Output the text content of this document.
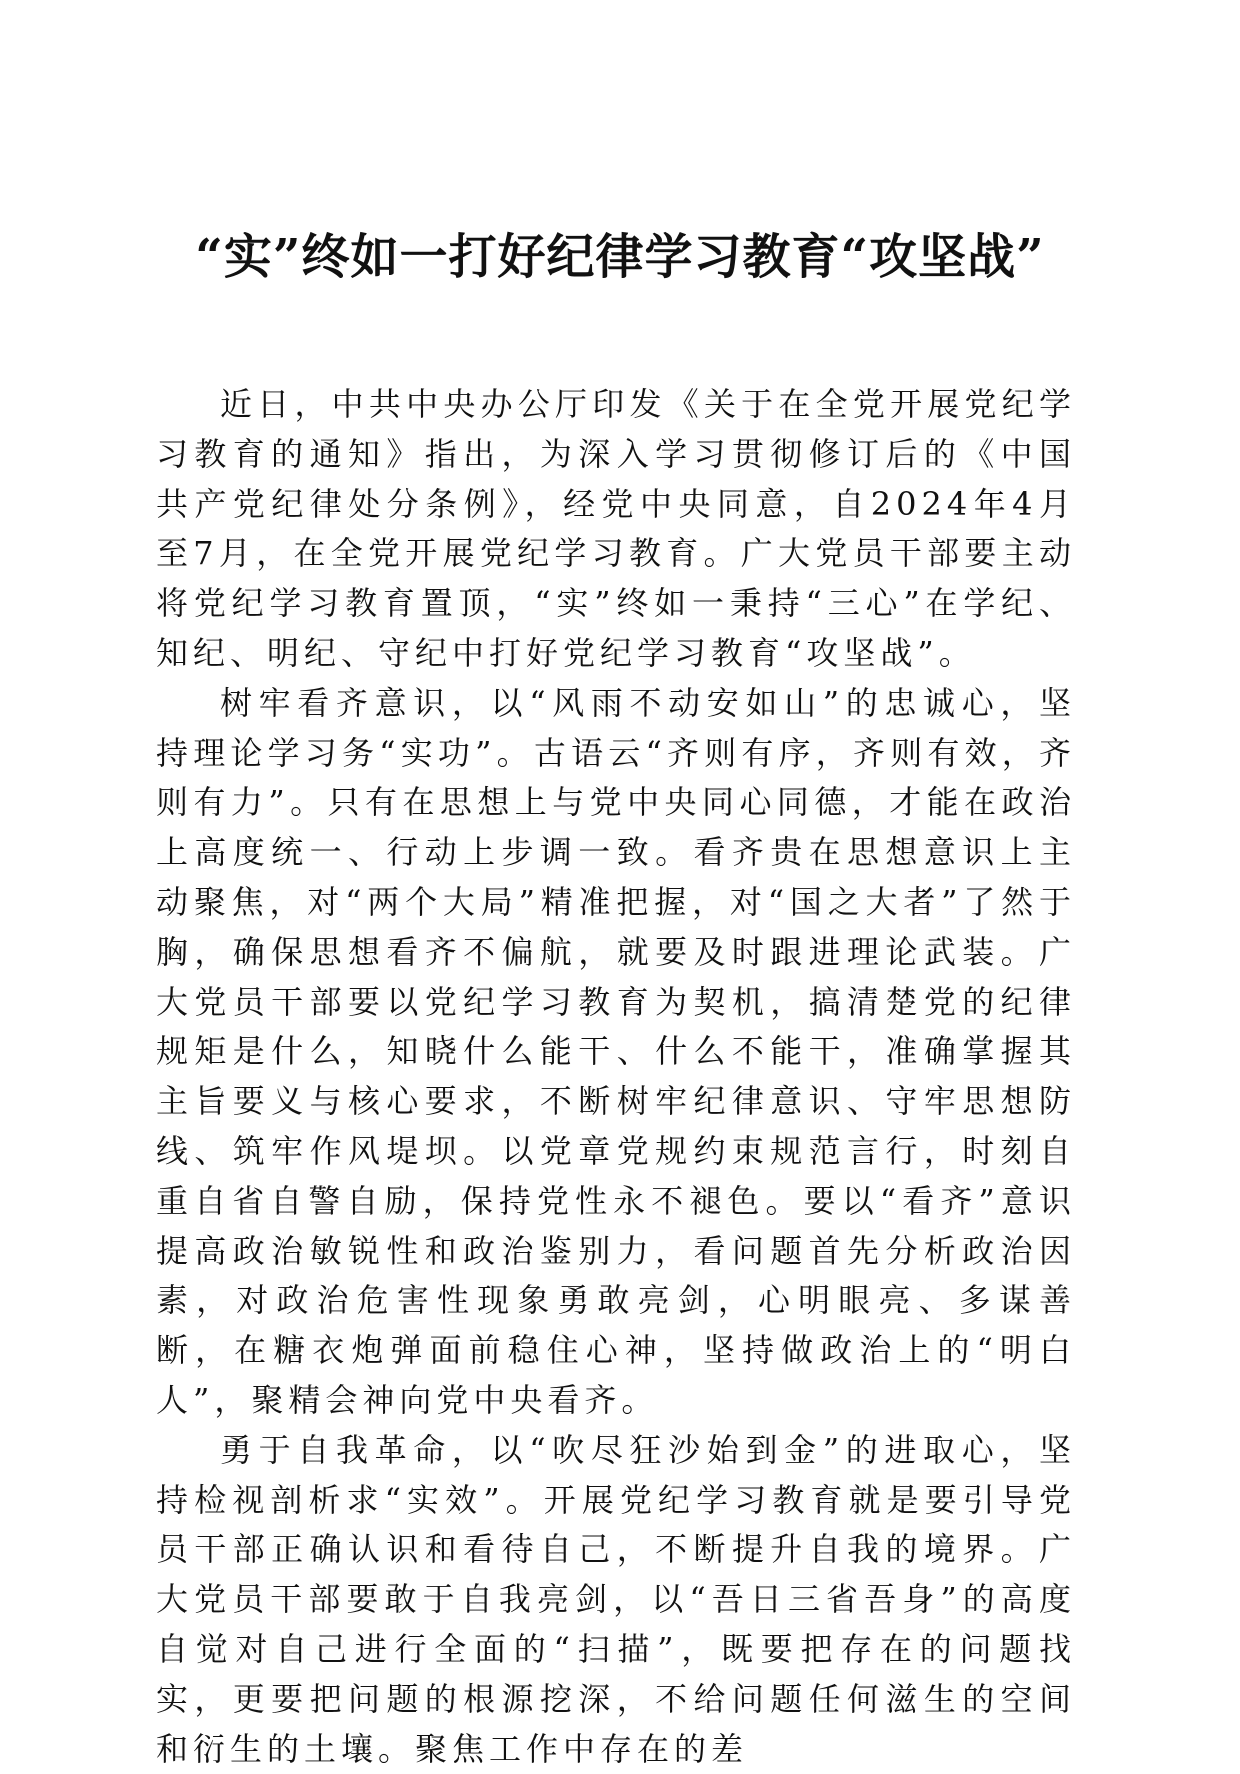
“实”终如一打好纪律学习教育“攻坚战”

近日，中共中央办公厅印发《关于在全党开展党纪学习教育的通知》指出，为深入学习贯彻修订后的《中国共产党纪律处分条例》，经党中央同意，自2024年4月至7月，在全党开展党纪学习教育。广大党员干部要主动将党纪学习教育置顶，“实”终如一秉持“三心”在学纪、知纪、明纪、守纪中打好党纪学习教育“攻坚战”。

树牢看齐意识，以“风雨不动安如山”的忠诚心，坚持理论学习务“实功”。古语云“齐则有序，齐则有效，齐则有力”。只有在思想上与党中央同心同德，才能在政治上高度统一、行动上步调一致。看齐贵在思想意识上主动聚焦，对“两个大局”精准把握，对“国之大者”了然于胸，确保思想看齐不偏航，就要及时跟进理论武装。广大党员干部要以党纪学习教育为契机，搞清楚党的纪律规矩是什么，知晓什么能干、什么不能干，准确掌握其主旨要义与核心要求，不断树牢纪律意识、守牢思想防线、筑牢作风堤坝。以党章党规约束规范言行，时刻自重自省自警自励，保持党性永不褪色。要以“看齐”意识提高政治敏锐性和政治鉴别力，看问题首先分析政治因素，对政治危害性现象勇敢亮剑，心明眼亮、多谋善断，在糖衣炮弹面前稳住心神，坚持做政治上的“明白人”，聚精会神向党中央看齐。

勇于自我革命，以“吹尽狂沙始到金”的进取心，坚持检视剖析求“实效”。开展党纪学习教育就是要引导党员干部正确认识和看待自己，不断提升自我的境界。广大党员干部要敢于自我亮剑，以“吾日三省吾身”的高度自觉对自己进行全面的“扫描”，既要把存在的问题找实，更要把问题的根源挖深，不给问题任何滋生的空间和衍生的土壤。聚焦工作中存在的差
